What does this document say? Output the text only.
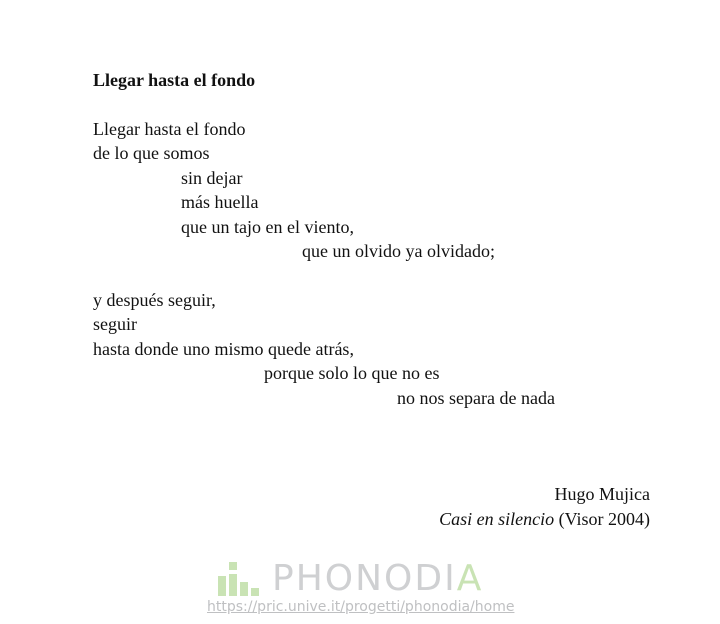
Llegar hasta el fondo
Llegar hasta el fondo
de lo que somos
sin dejar
más huella
que un tajo en el viento,
que un olvido ya olvidado;
y después seguir,
seguir
hasta donde uno mismo quede atrás,
porque solo lo que no es
no nos separa de nada
Hugo Mujica
Casi en silencio (Visor 2004)
PHONODIA
https://pric.unive.it/progetti/phonodia/home
